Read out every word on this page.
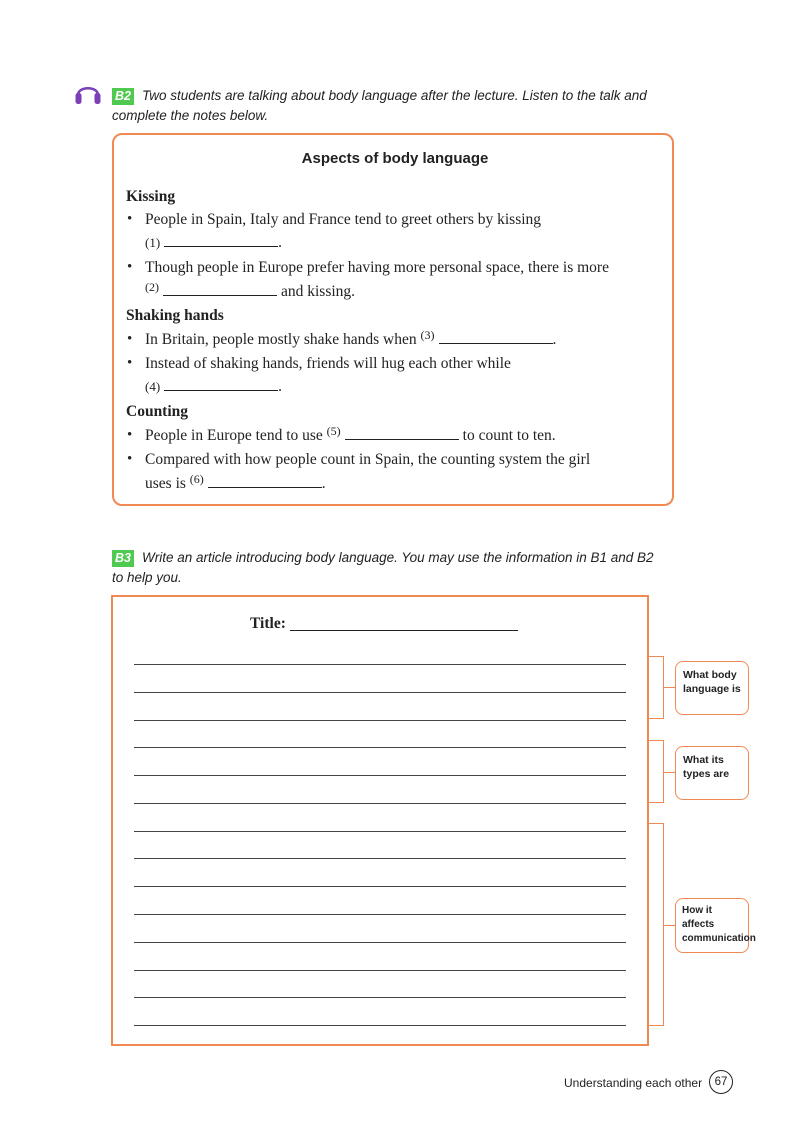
B2 Two students are talking about body language after the lecture. Listen to the talk and
complete the notes below.
Aspects of body language
Kissing
• People in Spain, Italy and France tend to greet others by kissing
(1)	.
• Though people in Europe prefer having more personal space, there is more
$^{(2)}$	and kissing.
Shaking hands
• In Britain, people mostly shake hands when $^{(3)}$	.
• Instead of shaking hands, friends will hug each other while
(4)	.
Counting
• People in Europe tend to use $^{(5)}$	to count to ten.
• Compared with how people count in Spain, the counting system the girl
uses is $^{(6)}$	.
B3 Write an article introducing body language. You may use the information in B1 and B2
to help you.
Title:
What body
language is
What its
types are
How it
affects
communication
Understanding each other	67
